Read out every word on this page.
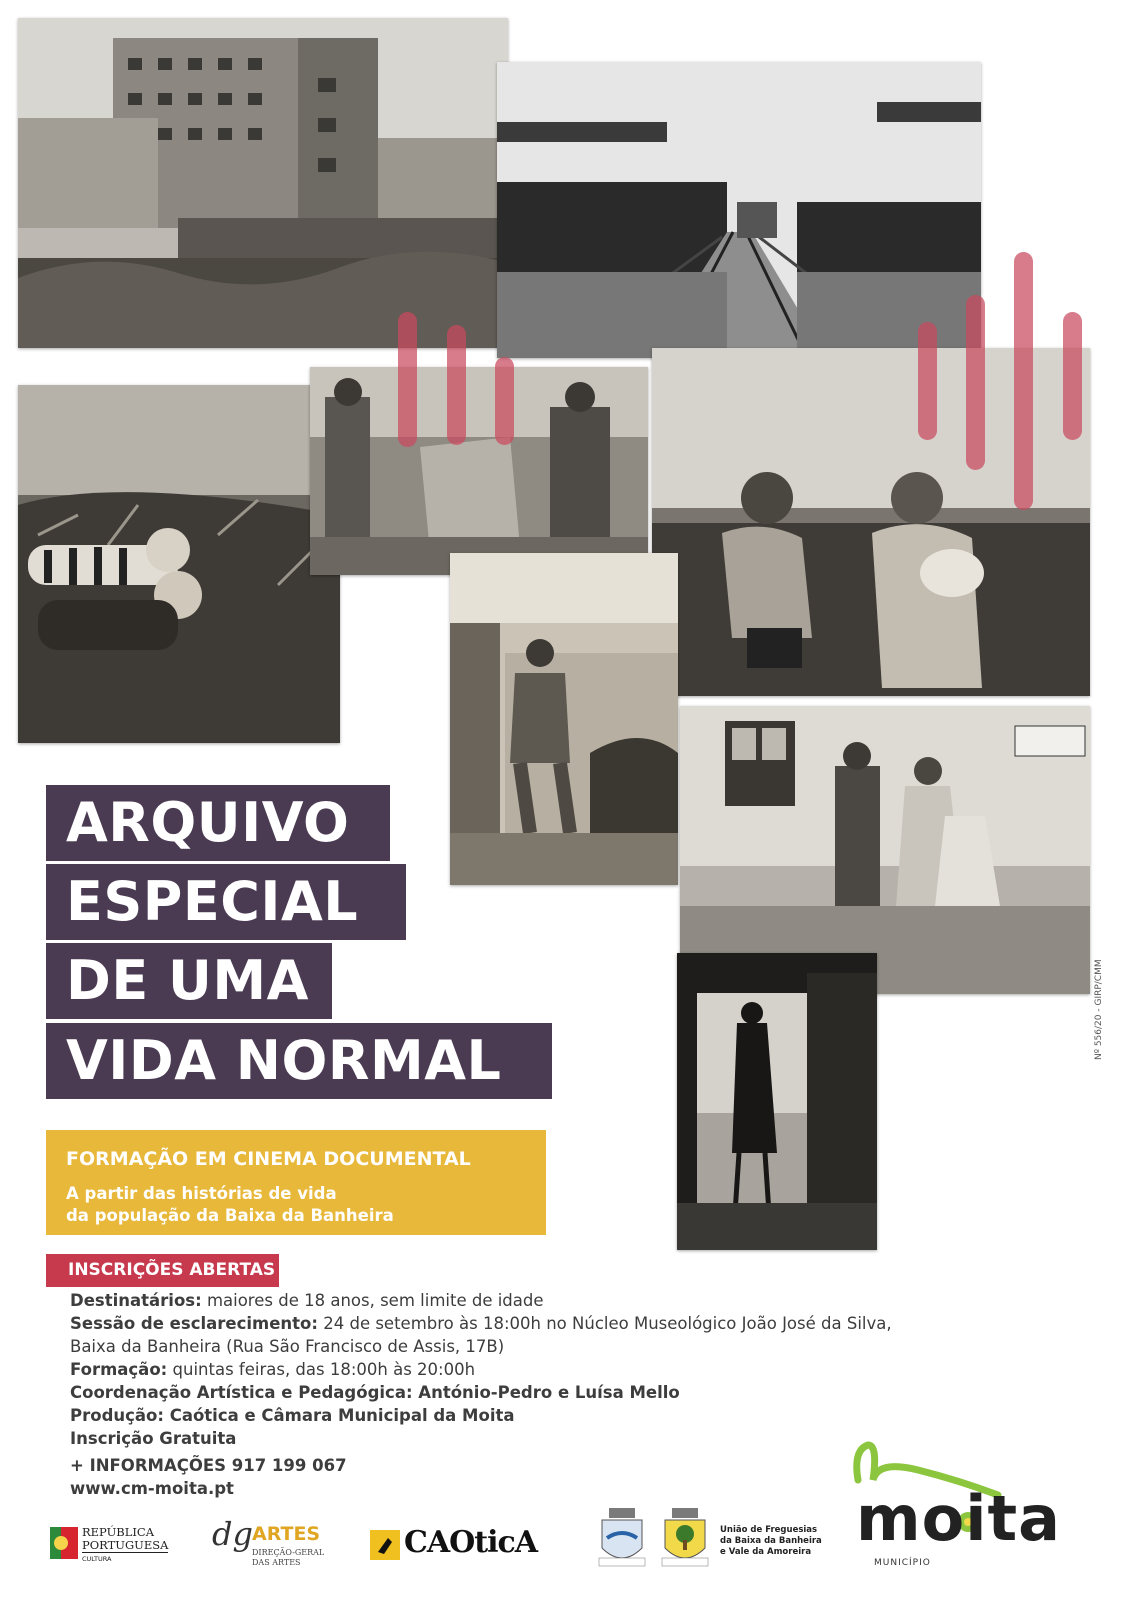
ARQUIVO
ESPECIAL
DE UMA
VIDA NORMAL
FORMAÇÃO EM CINEMA DOCUMENTAL
A partir das histórias de vida
da população da Baixa da Banheira
INSCRIÇÕES ABERTAS
Destinatários: maiores de 18 anos, sem limite de idade
Sessão de esclarecimento: 24 de setembro às 18:00h no Núcleo Museológico João José da Silva,
Baixa da Banheira (Rua São Francisco de Assis, 17B)
Formação: quintas feiras, das 18:00h às 20:00h
Coordenação Artística e Pedagógica: António-Pedro e Luísa Mello
Produção: Caótica e Câmara Municipal da Moita
Inscrição Gratuita
+ INFORMAÇÕES 917 199 067
www.cm-moita.pt
Nº 556/20 - GIRP/CMM
REPÚBLICA
PORTUGUESA
CULTURA
dg ARTES
DIREÇÃO-GERAL
DAS ARTES
CAOticA	União de Freguesias
da Baixa da Banheira
e Vale da Amoreira moita
MUNICÍPIO
